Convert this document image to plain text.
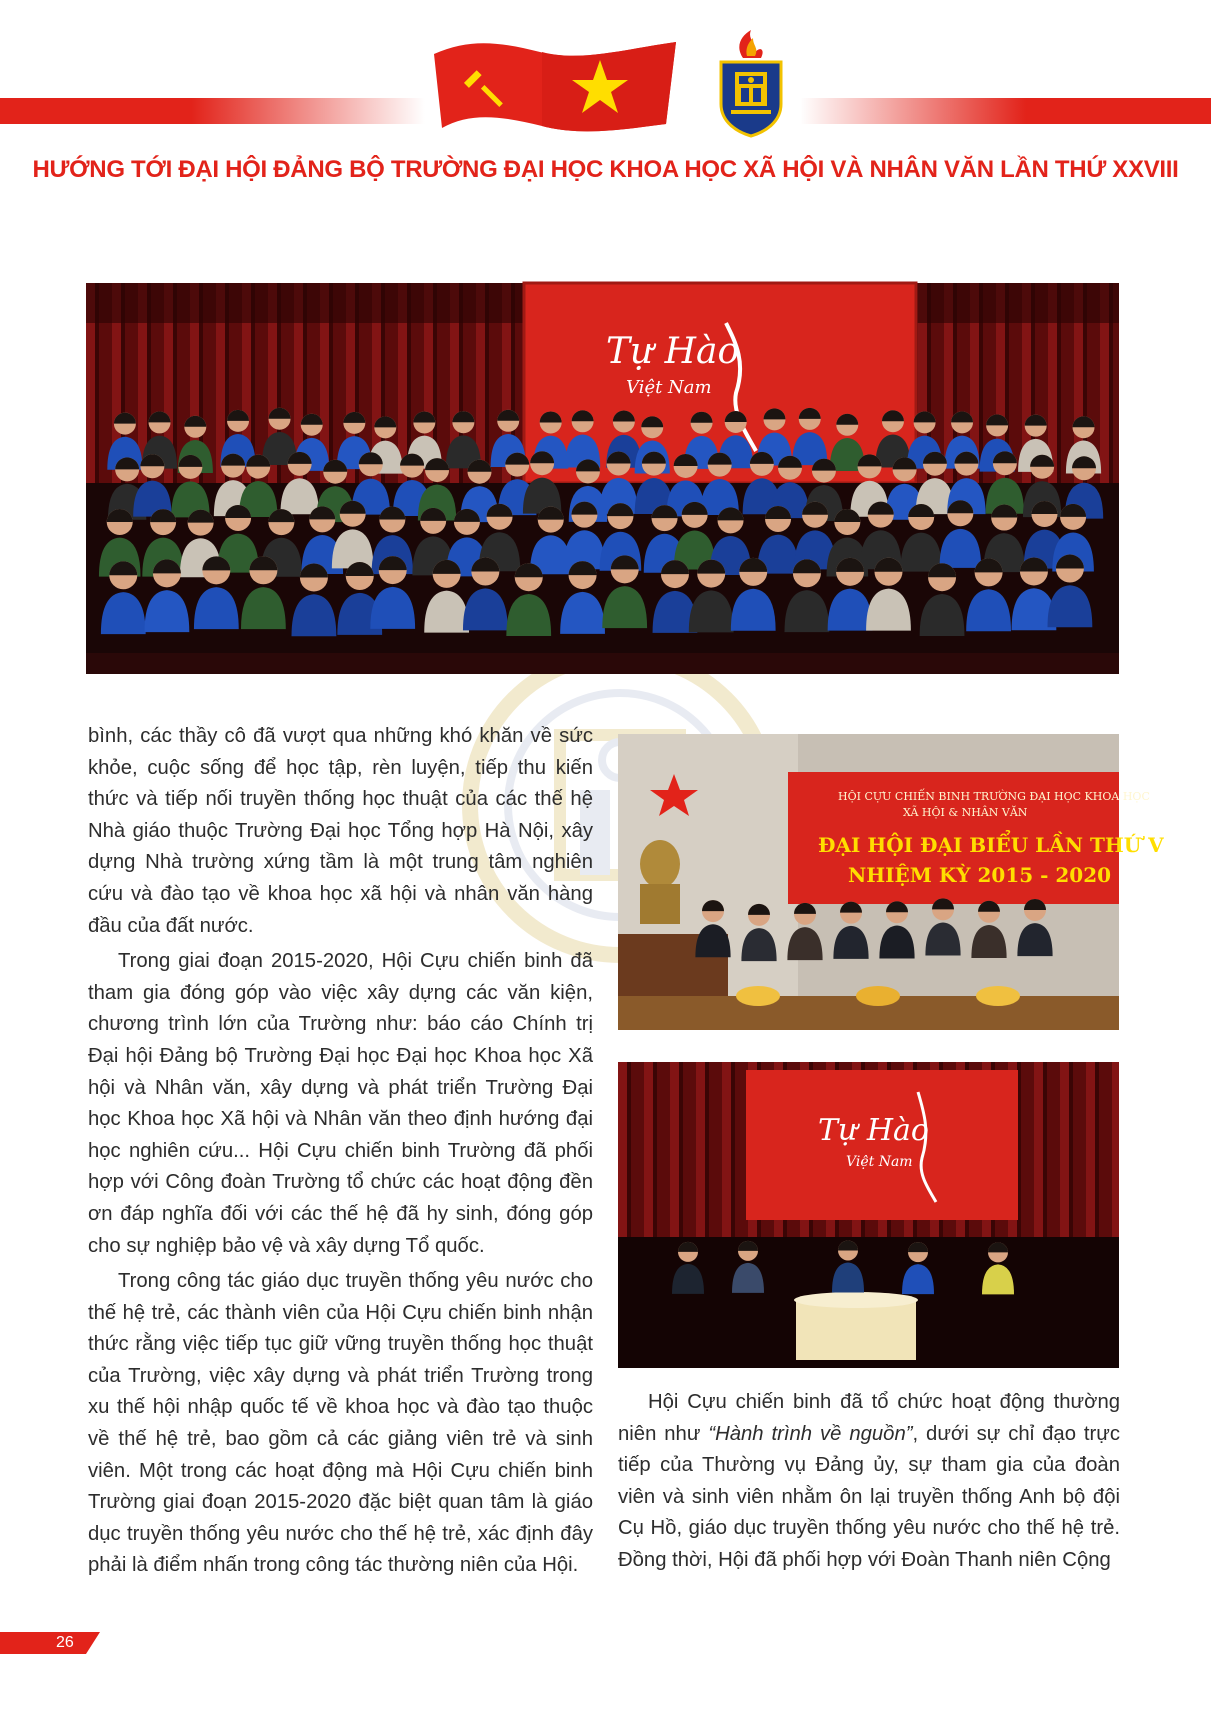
HƯỚNG TỚI ĐẠI HỘI ĐẢNG BỘ TRƯỜNG ĐẠI HỌC KHOA HỌC XÃ HỘI VÀ NHÂN VĂN LẦN THỨ XXVIII
Tự Hào
Việt Nam
HỘI CỰU CHIẾN BINH TRƯỜNG ĐẠI HỌC KHOA HỌC
XÃ HỘI & NHÂN VĂN
ĐẠI HỘI ĐẠI BIỂU LẦN THỨ V
NHIỆM KỲ 2015 - 2020
Tự Hào
Việt Nam

bình, các thầy cô đã vượt qua những khó khăn về sức khỏe, cuộc sống để học tập, rèn luyện, tiếp thu kiến thức và tiếp nối truyền thống học thuật của các thế hệ Nhà giáo thuộc Trường Đại học Tổng hợp Hà Nội, xây dựng Nhà trường xứng tầm là một trung tâm nghiên cứu và đào tạo về khoa học xã hội và nhân văn hàng đầu của đất nước.

Trong giai đoạn 2015-2020, Hội Cựu chiến binh đã tham gia đóng góp vào việc xây dựng các văn kiện, chương trình lớn của Trường như: báo cáo Chính trị Đại hội Đảng bộ Trường Đại học Đại học Khoa học Xã hội và Nhân văn, xây dựng và phát triển Trường Đại học Khoa học Xã hội và Nhân văn theo định hướng đại học nghiên cứu... Hội Cựu chiến binh Trường đã phối hợp với Công đoàn Trường tổ chức các hoạt động đền ơn đáp nghĩa đối với các thế hệ đã hy sinh, đóng góp cho sự nghiệp bảo vệ và xây dựng Tổ quốc.

Trong công tác giáo dục truyền thống yêu nước cho thế hệ trẻ, các thành viên của Hội Cựu chiến binh nhận thức rằng việc tiếp tục giữ vững truyền thống học thuật của Trường, việc xây dựng và phát triển Trường trong xu thế hội nhập quốc tế về khoa học và đào tạo thuộc về thế hệ trẻ, bao gồm cả các giảng viên trẻ và sinh viên. Một trong các hoạt động mà Hội Cựu chiến binh Trường giai đoạn 2015-2020 đặc biệt quan tâm là giáo dục truyền thống yêu nước cho thế hệ trẻ, xác định đây phải là điểm nhấn trong công tác thường niên của Hội.

Hội Cựu chiến binh đã tổ chức hoạt động thường niên như “Hành trình về nguồn”, dưới sự chỉ đạo trực tiếp của Thường vụ Đảng ủy, sự tham gia của đoàn viên và sinh viên nhằm ôn lại truyền thống Anh bộ đội Cụ Hồ, giáo dục truyền thống yêu nước cho thế hệ trẻ. Đồng thời, Hội đã phối hợp với Đoàn Thanh niên Cộng

26
